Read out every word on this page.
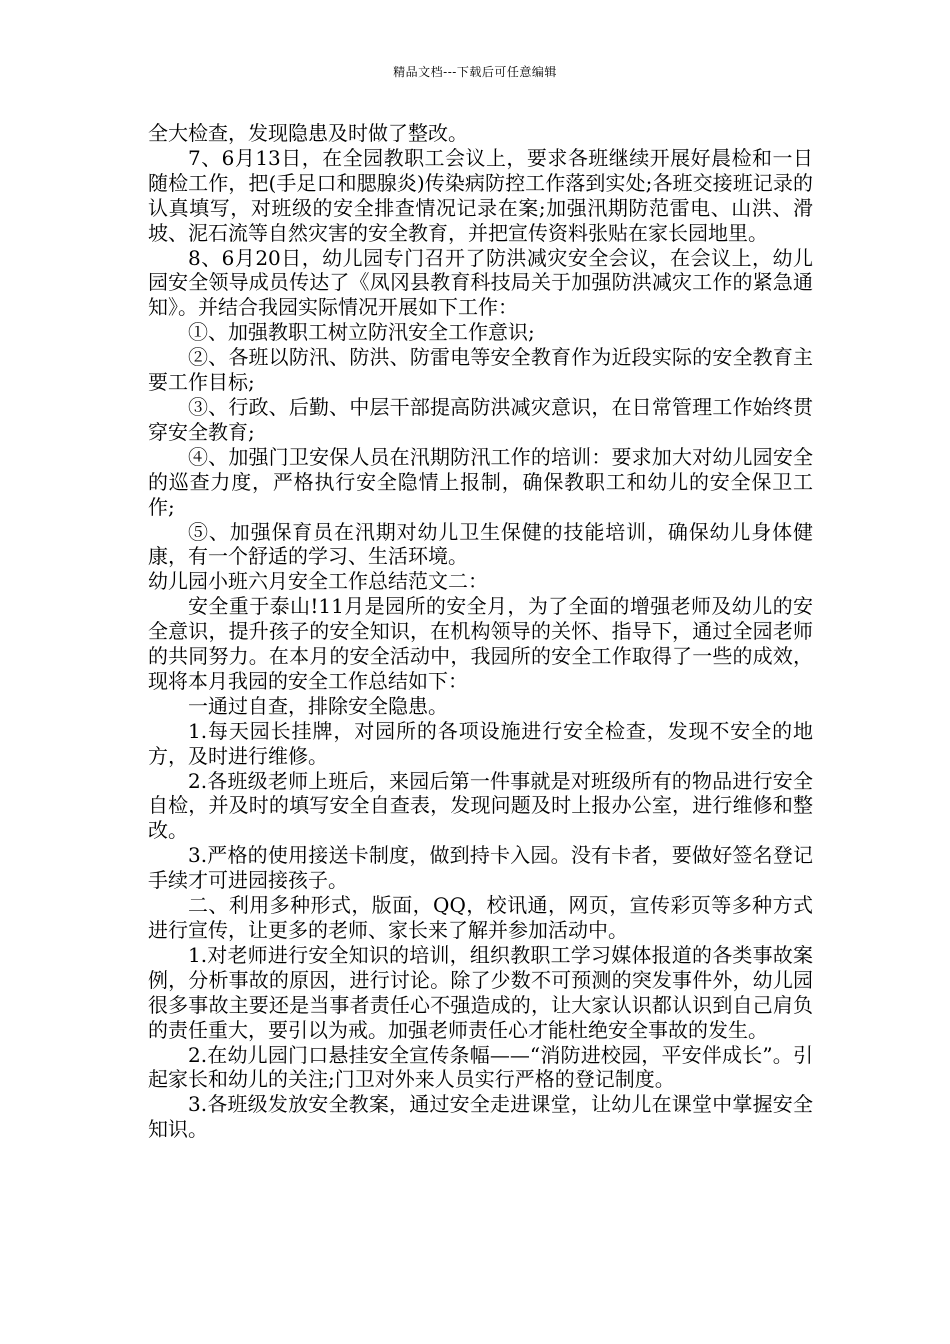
精品文档---下载后可任意编辑

全大检查，发现隐患及时做了整改。

7、6月13日，在全园教职工会议上，要求各班继续开展好晨检和一日随检工作，把(手足口和腮腺炎)传染病防控工作落到实处;各班交接班记录的认真填写，对班级的安全排查情况记录在案;加强汛期防范雷电、山洪、滑坡、泥石流等自然灾害的安全教育，并把宣传资料张贴在家长园地里。

8、6月20日，幼儿园专门召开了防洪减灾安全会议，在会议上，幼儿园安全领导成员传达了《凤冈县教育科技局关于加强防洪减灾工作的紧急通知》。并结合我园实际情况开展如下工作：

①、加强教职工树立防汛安全工作意识;

②、各班以防汛、防洪、防雷电等安全教育作为近段实际的安全教育主要工作目标;

③、行政、后勤、中层干部提高防洪减灾意识，在日常管理工作始终贯穿安全教育;

④、加强门卫安保人员在汛期防汛工作的培训：要求加大对幼儿园安全的巡查力度，严格执行安全隐情上报制，确保教职工和幼儿的安全保卫工作;

⑤、加强保育员在汛期对幼儿卫生保健的技能培训，确保幼儿身体健康，有一个舒适的学习、生活环境。

幼儿园小班六月安全工作总结范文二：

安全重于泰山!11月是园所的安全月，为了全面的增强老师及幼儿的安全意识，提升孩子的安全知识，在机构领导的关怀、指导下，通过全园老师的共同努力。在本月的安全活动中，我园所的安全工作取得了一些的成效，现将本月我园的安全工作总结如下：

一通过自查，排除安全隐患。

1.每天园长挂牌，对园所的各项设施进行安全检查，发现不安全的地方，及时进行维修。

2.各班级老师上班后，来园后第一件事就是对班级所有的物品进行安全自检，并及时的填写安全自查表，发现问题及时上报办公室，进行维修和整改。

3.严格的使用接送卡制度，做到持卡入园。没有卡者，要做好签名登记手续才可进园接孩子。

二、利用多种形式，版面，QQ，校讯通，网页，宣传彩页等多种方式进行宣传，让更多的老师、家长来了解并参加活动中。

1.对老师进行安全知识的培训，组织教职工学习媒体报道的各类事故案例，分析事故的原因，进行讨论。除了少数不可预测的突发事件外，幼儿园很多事故主要还是当事者责任心不强造成的，让大家认识都认识到自己肩负的责任重大，要引以为戒。加强老师责任心才能杜绝安全事故的发生。

2.在幼儿园门口悬挂安全宣传条幅——“消防进校园，平安伴成长”。引起家长和幼儿的关注;门卫对外来人员实行严格的登记制度。

3.各班级发放安全教案，通过安全走进课堂，让幼儿在课堂中掌握安全知识。
